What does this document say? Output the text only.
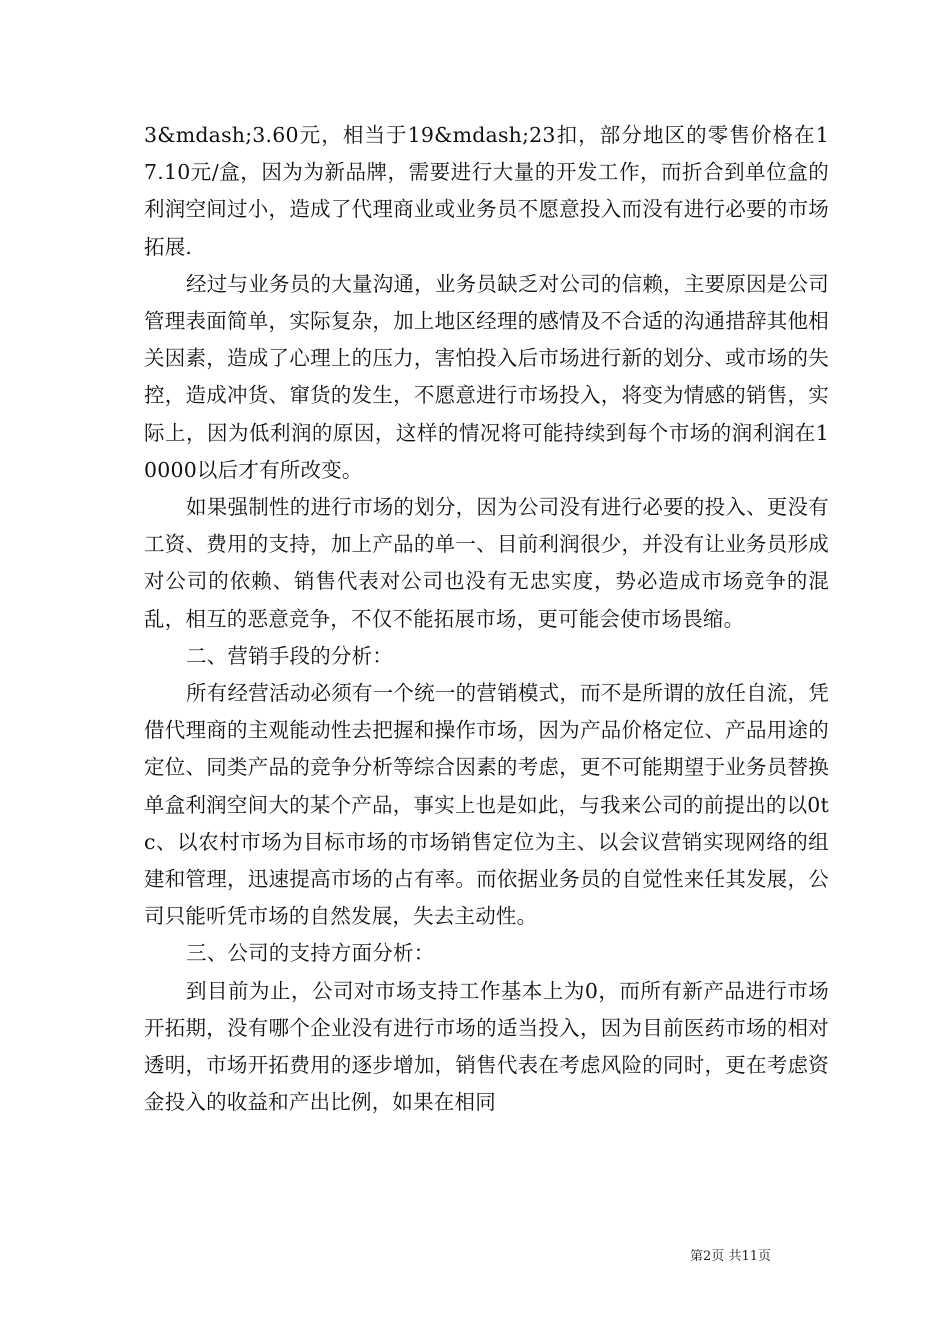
3&mdash;3.60元，相当于19&mdash;23扣，部分地区的零售价格在17.10元/盒，因为为新品牌，需要进行大量的开发工作，而折合到单位盒的利润空间过小，造成了代理商业或业务员不愿意投入而没有进行必要的市场拓展.

经过与业务员的大量沟通，业务员缺乏对公司的信赖，主要原因是公司管理表面简单，实际复杂，加上地区经理的感情及不合适的沟通措辞其他相关因素，造成了心理上的压力，害怕投入后市场进行新的划分、或市场的失控，造成冲货、窜货的发生，不愿意进行市场投入，将变为情感的销售，实际上，因为低利润的原因，这样的情况将可能持续到每个市场的润利润在10000以后才有所改变。

如果强制性的进行市场的划分，因为公司没有进行必要的投入、更没有工资、费用的支持，加上产品的单一、目前利润很少，并没有让业务员形成对公司的依赖、销售代表对公司也没有无忠实度，势必造成市场竞争的混乱，相互的恶意竞争，不仅不能拓展市场，更可能会使市场畏缩。

二、营销手段的分析：

所有经营活动必须有一个统一的营销模式，而不是所谓的放任自流，凭借代理商的主观能动性去把握和操作市场，因为产品价格定位、产品用途的定位、同类产品的竞争分析等综合因素的考虑，更不可能期望于业务员替换单盒利润空间大的某个产品，事实上也是如此，与我来公司的前提出的以0tc、以农村市场为目标市场的市场销售定位为主、以会议营销实现网络的组建和管理，迅速提高市场的占有率。而依据业务员的自觉性来任其发展，公司只能听凭市场的自然发展，失去主动性。

三、公司的支持方面分析：

到目前为止，公司对市场支持工作基本上为0，而所有新产品进行市场开拓期，没有哪个企业没有进行市场的适当投入，因为目前医药市场的相对透明，市场开拓费用的逐步增加，销售代表在考虑风险的同时，更在考虑资金投入的收益和产出比例，如果在相同

第2页 共11页
